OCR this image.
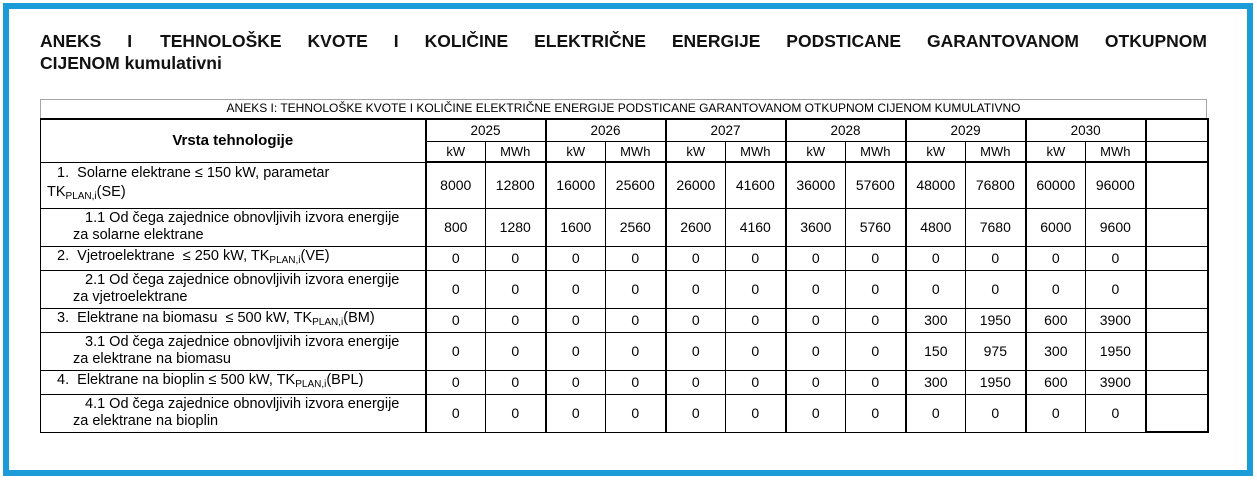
ANEKS I TEHNOLOŠKE KVOTE I KOLIČINE ELEKTRIČNE ENERGIJE PODSTICANE GARANTOVANOM OTKUPNOM
CIJENOM kumulativni
ANEKS I: TEHNOLOŠKE KVOTE I KOLIČINE ELEKTRIČNE ENERGIJE PODSTICANE GARANTOVANOM OTKUPNOM CIJENOM KUMULATIVNO
Vrsta tehnologije	2025		2026		2027		2028		2029		2030		
	kW	MWh	kW	MWh	kW	MWh	kW	MWh	kW	MWh	kW	MWh	

1.  Solarne elektrane ≤ 150 kW, parametar
$TK_{PLAN,i}(SE)$	8000	12800	16000	25600	26000	41600	36000	57600	48000	76800	60000	96000	

1.1 Od čega zajednice obnovljivih izvora energije
za solarne elektrane	800	1280	1600	2560	2600	4160	3600	5760	4800	7680	6000	9600	

2.  Vjetroelektrane  ≤ 250 kW, $TK_{PLAN,i}(VE)$	0	0	0	0	0	0	0	0	0	0	0	0	

2.1 Od čega zajednice obnovljivih izvora energije
za vjetroelektrane	0	0	0	0	0	0	0	0	0	0	0	0	

3.  Elektrane na biomasu  ≤ 500 kW, $TK_{PLAN,i}(BM)$	0	0	0	0	0	0	0	0	300	1950	600	3900	

3.1 Od čega zajednice obnovljivih izvora energije
za elektrane na biomasu	0	0	0	0	0	0	0	0	150	975	300	1950	

4.  Elektrane na bioplin ≤ 500 kW, $TK_{PLAN,i}(BPL)$	0	0	0	0	0	0	0	0	300	1950	600	3900	

4.1 Od čega zajednice obnovljivih izvora energije
za elektrane na bioplin	0	0	0	0	0	0	0	0	0	0	0	0	
